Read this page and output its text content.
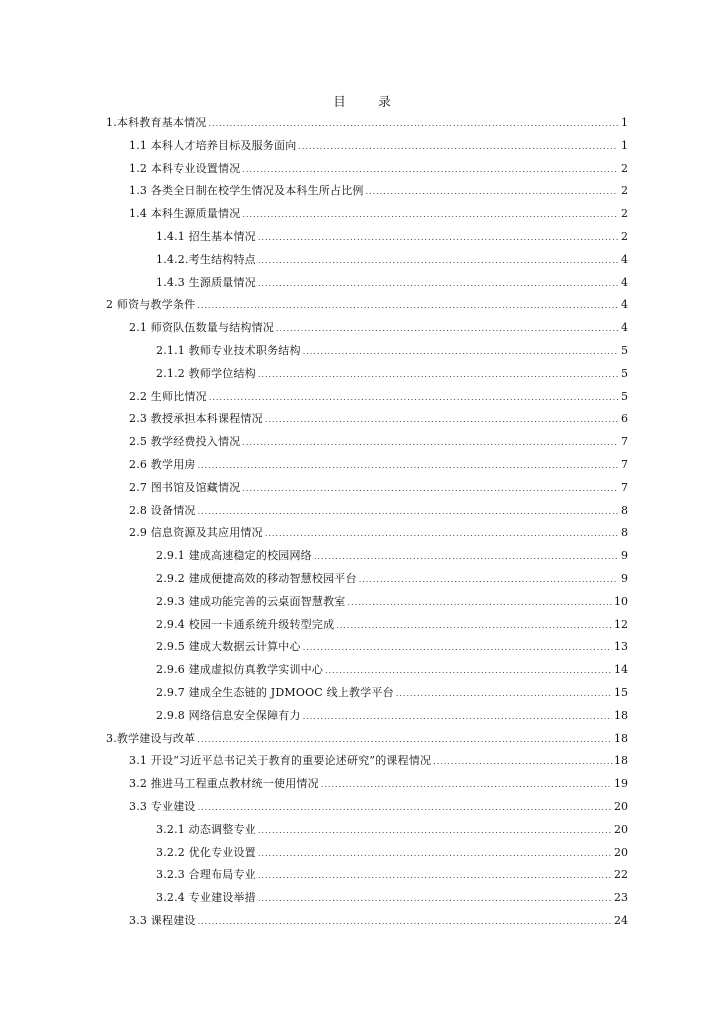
目　录
1.本科教育基本情况 .....	1
1.1 本科人才培养目标及服务面向 .....	1
1.2 本科专业设置情况 .....	2
1.3 各类全日制在校学生情况及本科生所占比例 .....	2
1.4 本科生源质量情况 .....	2
1.4.1 招生基本情况 .....	2
1.4.2.考生结构特点 .....	4
1.4.3 生源质量情况 .....	4
2 师资与教学条件 .....	4
2.1 师资队伍数量与结构情况 .....	4
2.1.1 教师专业技术职务结构 .....	5
2.1.2 教师学位结构 .....	5
2.2 生师比情况 .....	5
2.3 教授承担本科课程情况 .....	6
2.5 教学经费投入情况 .....	7
2.6 教学用房 .....	7
2.7 图书馆及馆藏情况 .....	7
2.8 设备情况 .....	8
2.9 信息资源及其应用情况 .....	8
2.9.1 建成高速稳定的校园网络 .....	9
2.9.2 建成便捷高效的移动智慧校园平台 .....	9
2.9.3 建成功能完善的云桌面智慧教室 .....	10
2.9.4 校园一卡通系统升级转型完成 .....	12
2.9.5 建成大数据云计算中心 .....	13
2.9.6 建成虚拟仿真教学实训中心 .....	14
2.9.7 建成全生态链的 JDMOOC 线上教学平台 .....	15
2.9.8 网络信息安全保障有力 .....	18
3.教学建设与改革 .....	18
3.1 开设“习近平总书记关于教育的重要论述研究”的课程情况 .....	18
3.2 推进马工程重点教材统一使用情况 .....	19
3.3 专业建设 .....	20
3.2.1 动态调整专业 .....	20
3.2.2 优化专业设置 .....	20
3.2.3 合理布局专业 .....	22
3.2.4 专业建设举措 .....	23
3.3 课程建设 .....	24
